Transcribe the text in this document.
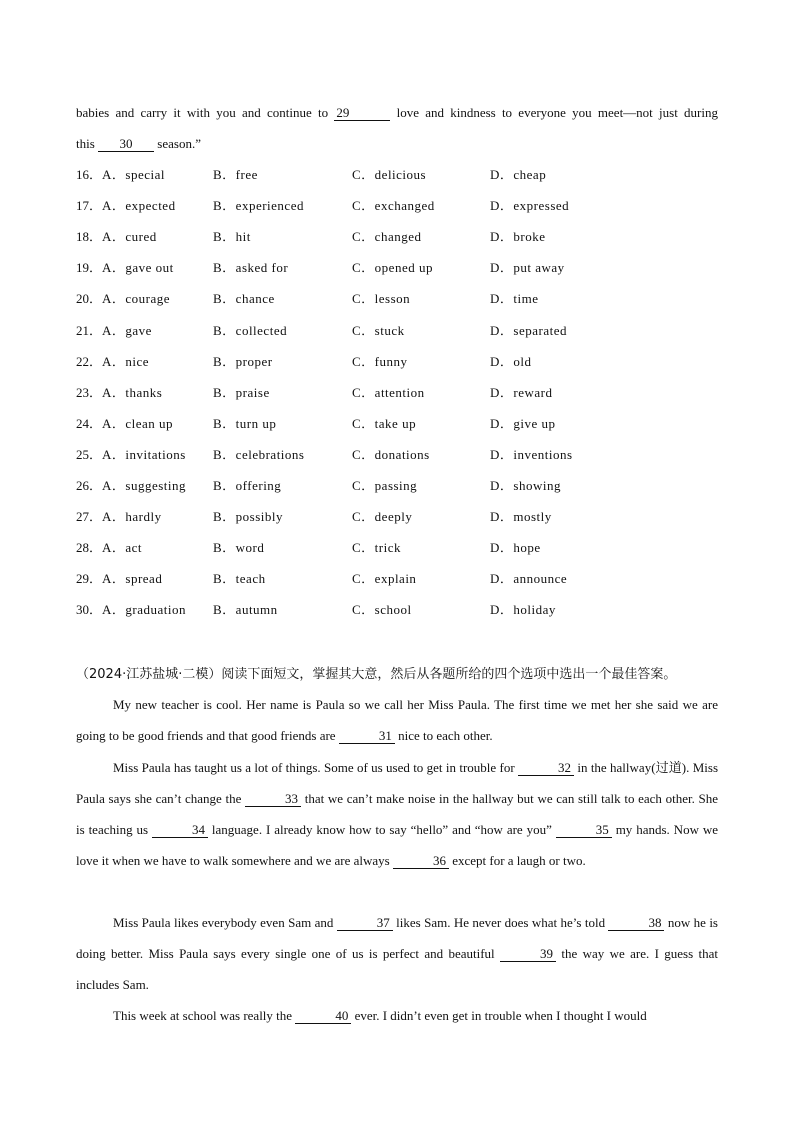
babies and carry it with you and continue to 29	love and kindness to everyone you meet—not just during
this 30 season.”
16． A．special	B．free	C．delicious	D．cheap
17． A．expected	B．experienced	C．exchanged	D．expressed
18． A．cured	B．hit	C．changed	D．broke
19． A．gave out	B．asked for	C．opened up	D．put away
20． A．courage	B．chance	C．lesson	D．time
21． A．gave	B．collected	C．stuck	D．separated
22． A．nice	B．proper	C．funny	D．old
23． A．thanks	B．praise	C．attention	D．reward
24． A．clean up	B．turn up	C．take up	D．give up
25． A．invitations B．celebrations	C．donations	D．inventions
26． A．suggesting B．offering	C．passing	D．showing
27． A．hardly	B．possibly	C．deeply	D．mostly
28． A．act	B．word	C．trick	D．hope
29． A．spread	B．teach	C．explain	D．announce
30． A．graduation B．autumn	C．school	D．holiday
（2024·江苏盐城·二模）阅读下面短文，掌握其大意，然后从各题所给的四个选项中选出一个最佳答案。
My new teacher is cool. Her name is Paula so we call her Miss Paula. The first time we met her she said we are going to be good friends and that good friends are	31 nice to each other.
Miss Paula has taught us a lot of things. Some of us used to get in trouble for	32 in the hallway(过道). Miss Paula says she can’t change the	33 that we can’t make noise in the hallway but we can still talk to each other. She is teaching us	34 language. I already know how to say “hello” and “how are you”	35 my hands. Now we love it when we have to walk somewhere and we are always	36 except for a laugh or two.
Miss Paula likes everybody even Sam and	37 likes Sam. He never does what he’s told	38 now he is doing better. Miss Paula says every single one of us is perfect and beautiful	39 the way we are. I guess that includes Sam.
This week at school was really the	40 ever. I didn’t even get in trouble when I thought I would
